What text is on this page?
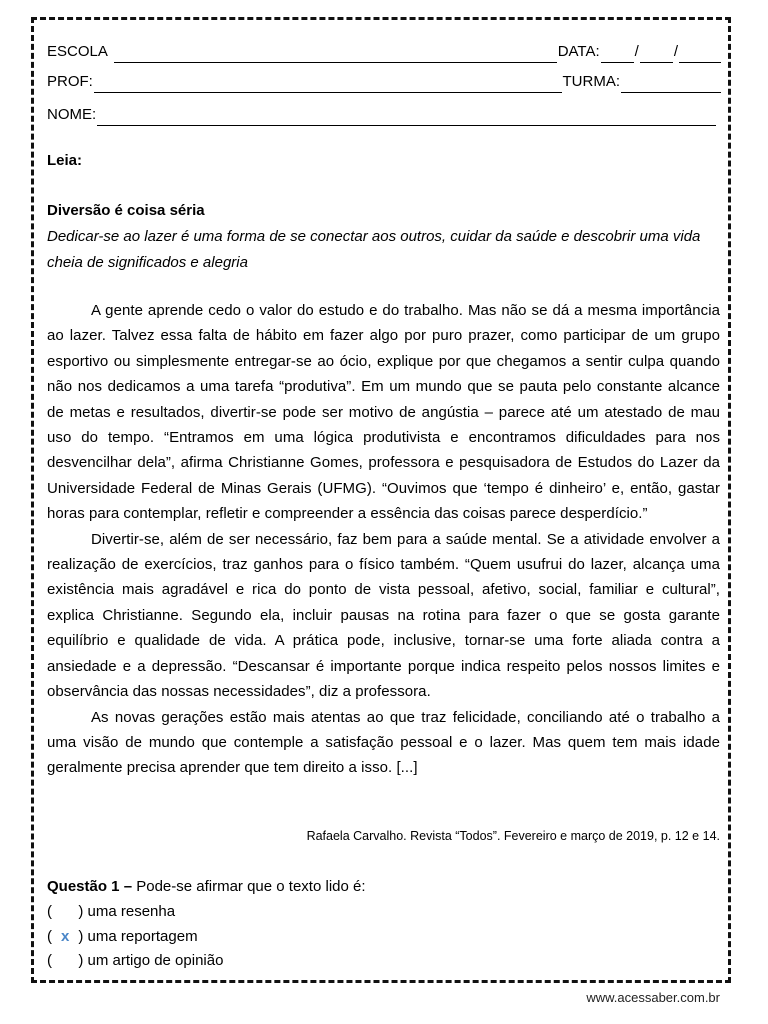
ESCOLA	DATA: / /
PROF:	TURMA:
NOME:
Leia:
Diversão é coisa séria
Dedicar-se ao lazer é uma forma de se conectar aos outros, cuidar da saúde e descobrir uma vida cheia de significados e alegria

A gente aprende cedo o valor do estudo e do trabalho. Mas não se dá a mesma importância ao lazer. Talvez essa falta de hábito em fazer algo por puro prazer, como participar de um grupo esportivo ou simplesmente entregar-se ao ócio, explique por que chegamos a sentir culpa quando não nos dedicamos a uma tarefa “produtiva”. Em um mundo que se pauta pelo constante alcance de metas e resultados, divertir-se pode ser motivo de angústia – parece até um atestado de mau uso do tempo. “Entramos em uma lógica produtivista e encontramos dificuldades para nos desvencilhar dela”, afirma Christianne Gomes, professora e pesquisadora de Estudos do Lazer da Universidade Federal de Minas Gerais (UFMG). “Ouvimos que ‘tempo é dinheiro’ e, então, gastar horas para contemplar, refletir e compreender a essência das coisas parece desperdício.”

Divertir-se, além de ser necessário, faz bem para a saúde mental. Se a atividade envolver a realização de exercícios, traz ganhos para o físico também. “Quem usufrui do lazer, alcança uma existência mais agradável e rica do ponto de vista pessoal, afetivo, social, familiar e cultural”, explica Christianne. Segundo ela, incluir pausas na rotina para fazer o que se gosta garante equilíbrio e qualidade de vida. A prática pode, inclusive, tornar-se uma forte aliada contra a ansiedade e a depressão. “Descansar é importante porque indica respeito pelos nossos limites e observância das nossas necessidades”, diz a professora.

As novas gerações estão mais atentas ao que traz felicidade, conciliando até o trabalho a uma visão de mundo que contemple a satisfação pessoal e o lazer. Mas quem tem mais idade geralmente precisa aprender que tem direito a isso. [...]

Rafaela Carvalho. Revista “Todos”. Fevereiro e março de 2019, p. 12 e 14.
Questão 1 – Pode-se afirmar que o texto lido é:
( ) uma resenha
( x ) uma reportagem
( ) um artigo de opinião
www.acessaber.com.br
